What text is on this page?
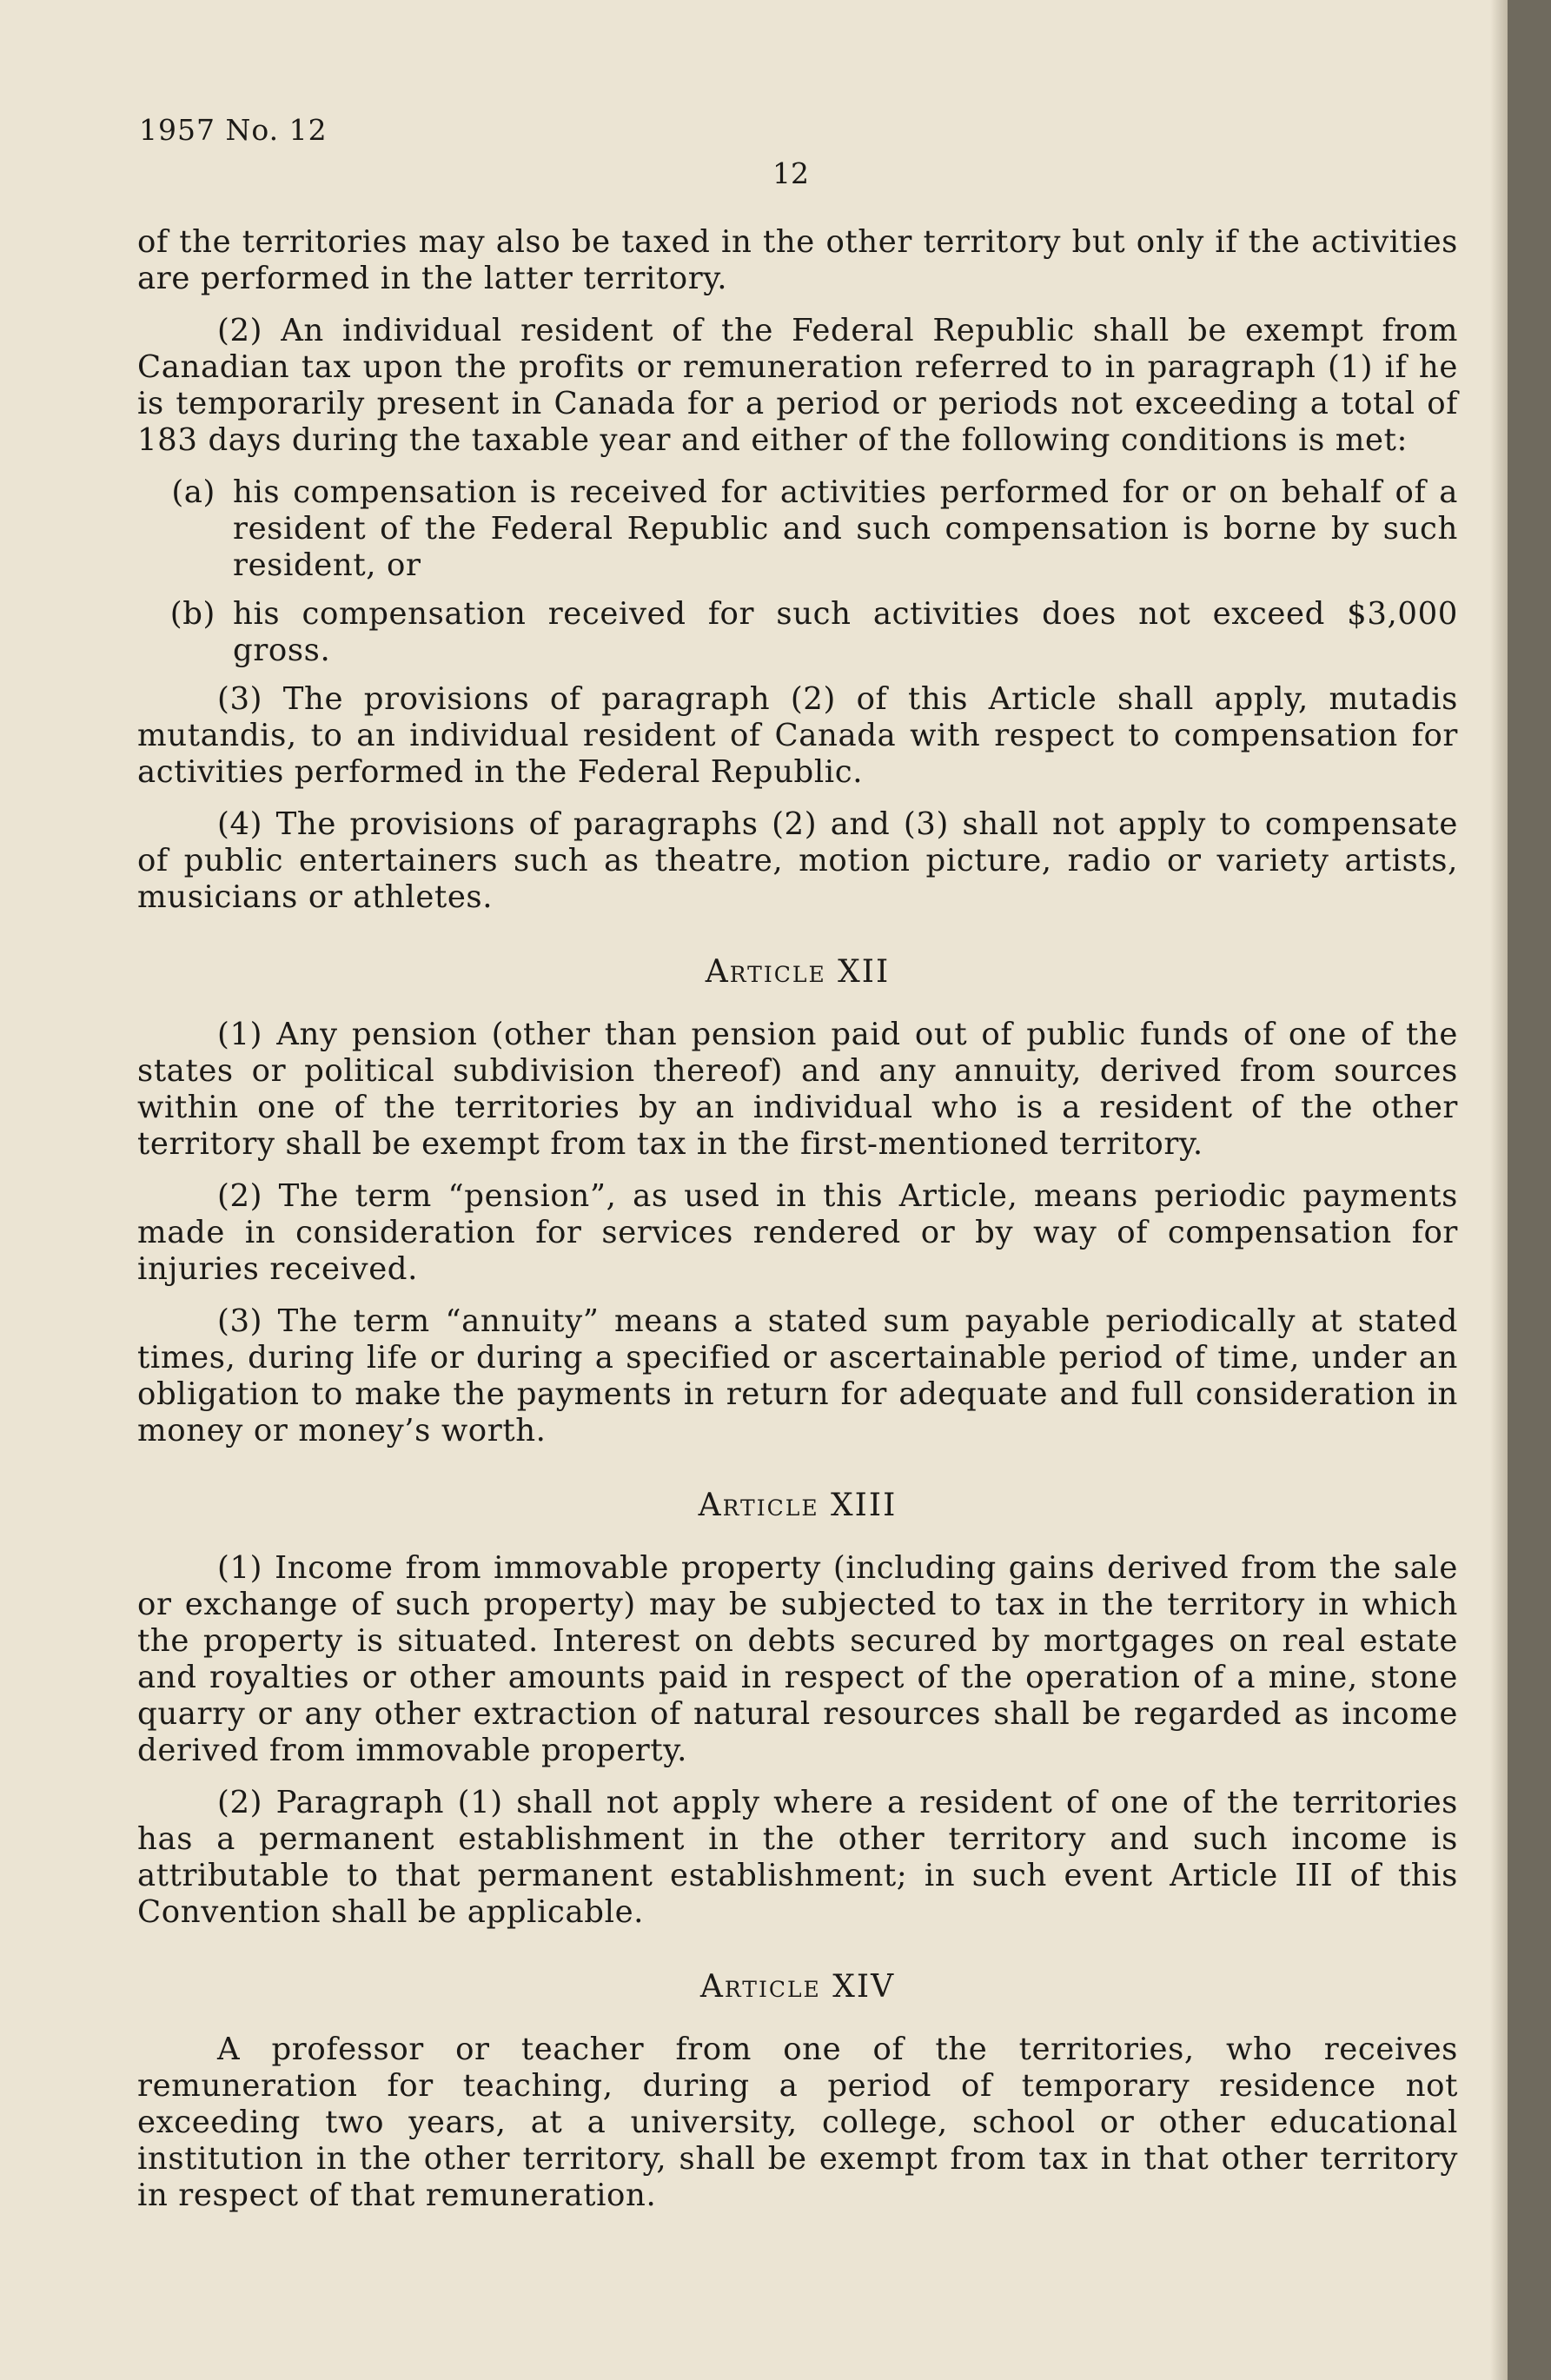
1957 No. 12
12

of the territories may also be taxed in the other territory but only if the activities are performed in the latter territory.

(2) An individual resident of the Federal Republic shall be exempt from Canadian tax upon the profits or remuneration referred to in paragraph (1) if he is temporarily present in Canada for a period or periods not exceeding a total of 183 days during the taxable year and either of the following conditions is met:

(a) his compensation is received for activities performed for or on behalf of a resident of the Federal Republic and such compensation is borne by such resident, or
(b) his compensation received for such activities does not exceed $3,000 gross.

(3) The provisions of paragraph (2) of this Article shall apply, mutadis mutandis, to an individual resident of Canada with respect to compensation for activities performed in the Federal Republic.

(4) The provisions of paragraphs (2) and (3) shall not apply to compensate of public entertainers such as theatre, motion picture, radio or variety artists, musicians or athletes.

Article XII

(1) Any pension (other than pension paid out of public funds of one of the states or political subdivision thereof) and any annuity, derived from sources within one of the territories by an individual who is a resident of the other territory shall be exempt from tax in the first-mentioned territory.

(2) The term “pension”, as used in this Article, means periodic payments made in consideration for services rendered or by way of compensation for injuries received.

(3) The term “annuity” means a stated sum payable periodically at stated times, during life or during a specified or ascertainable period of time, under an obligation to make the payments in return for adequate and full consideration in money or money’s worth.

Article XIII

(1) Income from immovable property (including gains derived from the sale or exchange of such property) may be subjected to tax in the territory in which the property is situated. Interest on debts secured by mortgages on real estate and royalties or other amounts paid in respect of the operation of a mine, stone quarry or any other extraction of natural resources shall be regarded as income derived from immovable property.

(2) Paragraph (1) shall not apply where a resident of one of the territories has a permanent establishment in the other territory and such income is attributable to that permanent establishment; in such event Article III of this Convention shall be applicable.

Article XIV

A professor or teacher from one of the territories, who receives remuneration for teaching, during a period of temporary residence not exceeding two years, at a university, college, school or other educational institution in the other territory, shall be exempt from tax in that other territory in respect of that remuneration.
